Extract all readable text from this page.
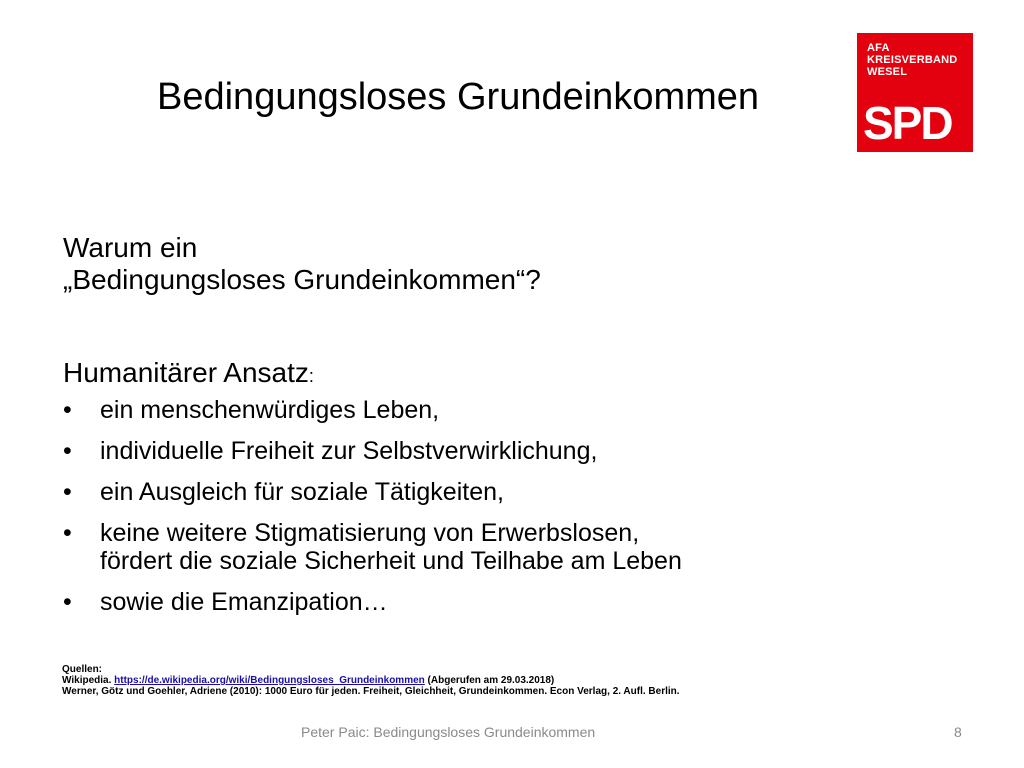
Bedingungsloses Grundeinkommen
AFA
KREISVERBAND
WESEL
SPD
Warum ein
„Bedingungsloses Grundeinkommen“?
Humanitärer Ansatz:
• ein menschenwürdiges Leben,
• individuelle Freiheit zur Selbstverwirklichung,
• ein Ausgleich für soziale Tätigkeiten,
• keine weitere Stigmatisierung von Erwerbslosen,
fördert die soziale Sicherheit und Teilhabe am Leben
• sowie die Emanzipation…
Quellen:
Wikipedia. https://de.wikipedia.org/wiki/Bedingungsloses_Grundeinkommen (Abgerufen am 29.03.2018)
Werner, Götz und Goehler, Adriene (2010): 1000 Euro für jeden. Freiheit, Gleichheit, Grundeinkommen. Econ Verlag, 2. Aufl. Berlin.
Peter Paic: Bedingungsloses Grundeinkommen	8
